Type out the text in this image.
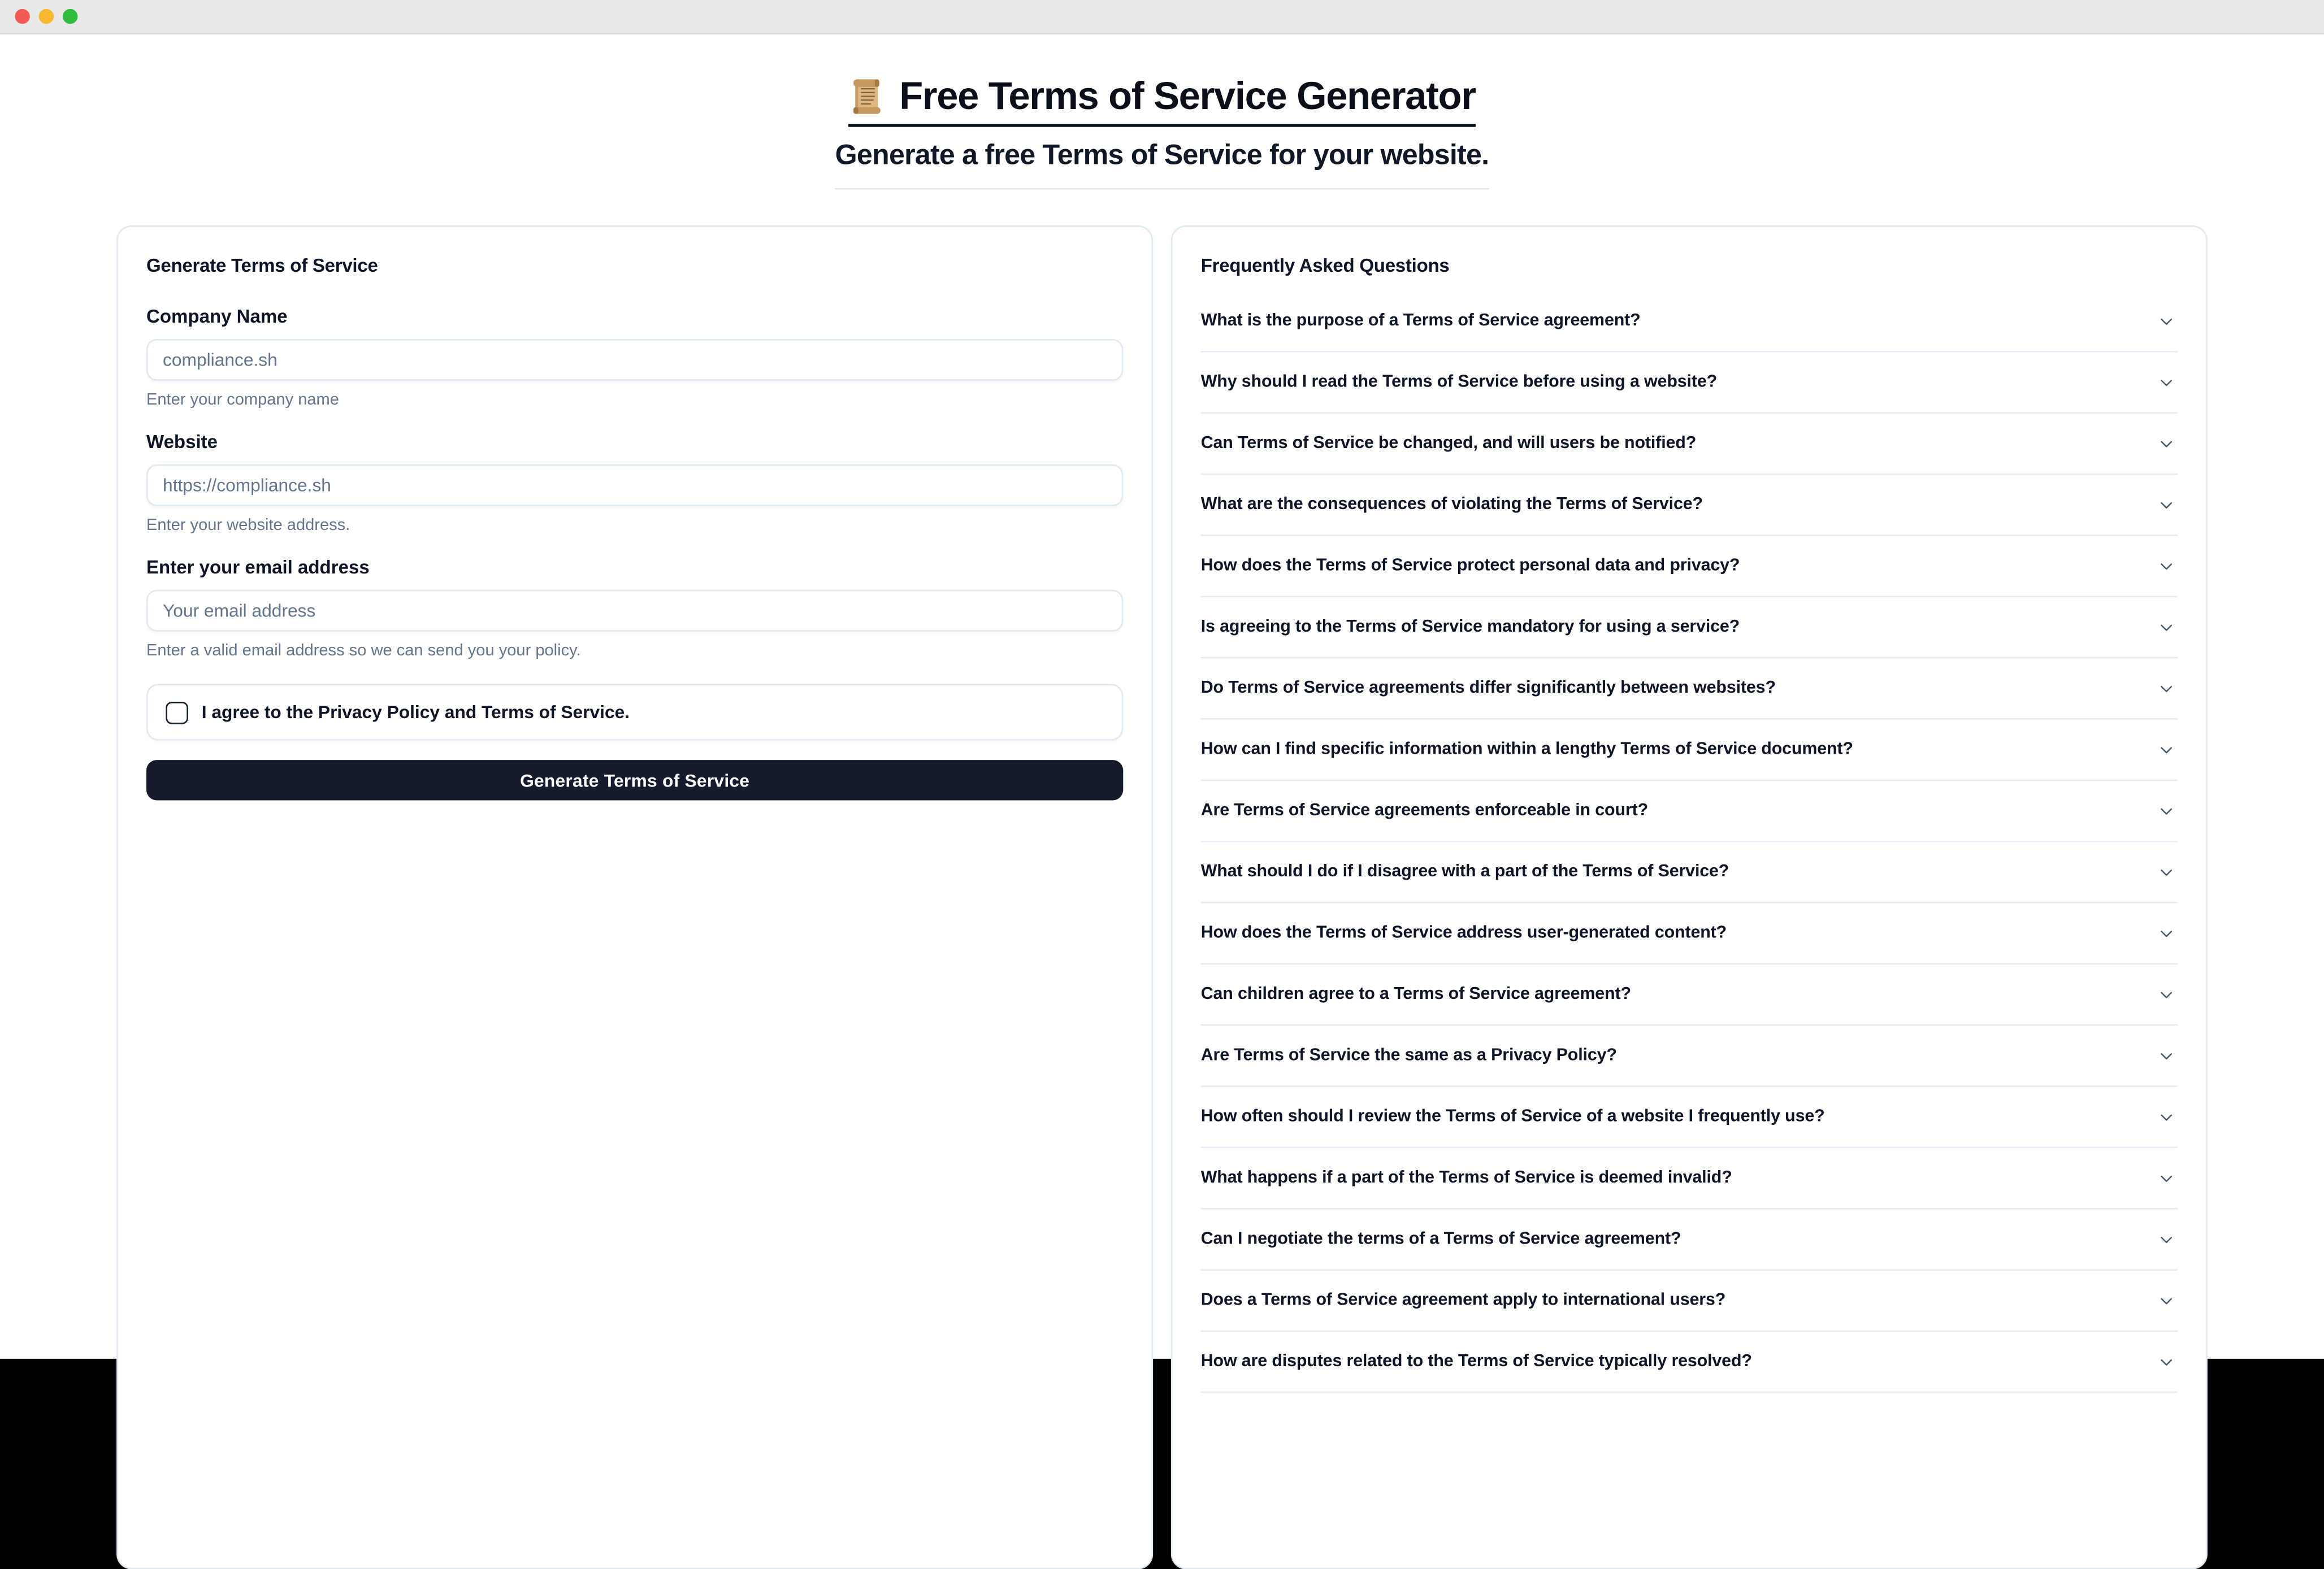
Free Terms of Service Generator
Generate a free Terms of Service for your website.
Generate Terms of Service
Company Name
compliance.sh

Enter your company name

Website
https://compliance.sh

Enter your website address.

Enter your email address
Your email address

Enter a valid email address so we can send you your policy.

I agree to the Privacy Policy and Terms of Service.
Generate Terms of Service
Frequently Asked Questions
What is the purpose of a Terms of Service agreement?
Why should I read the Terms of Service before using a website?
Can Terms of Service be changed, and will users be notified?
What are the consequences of violating the Terms of Service?
How does the Terms of Service protect personal data and privacy?
Is agreeing to the Terms of Service mandatory for using a service?
Do Terms of Service agreements differ significantly between websites?
How can I find specific information within a lengthy Terms of Service document?
Are Terms of Service agreements enforceable in court?
What should I do if I disagree with a part of the Terms of Service?
How does the Terms of Service address user-generated content?
Can children agree to a Terms of Service agreement?
Are Terms of Service the same as a Privacy Policy?
How often should I review the Terms of Service of a website I frequently use?
What happens if a part of the Terms of Service is deemed invalid?
Can I negotiate the terms of a Terms of Service agreement?
Does a Terms of Service agreement apply to international users?
How are disputes related to the Terms of Service typically resolved?
